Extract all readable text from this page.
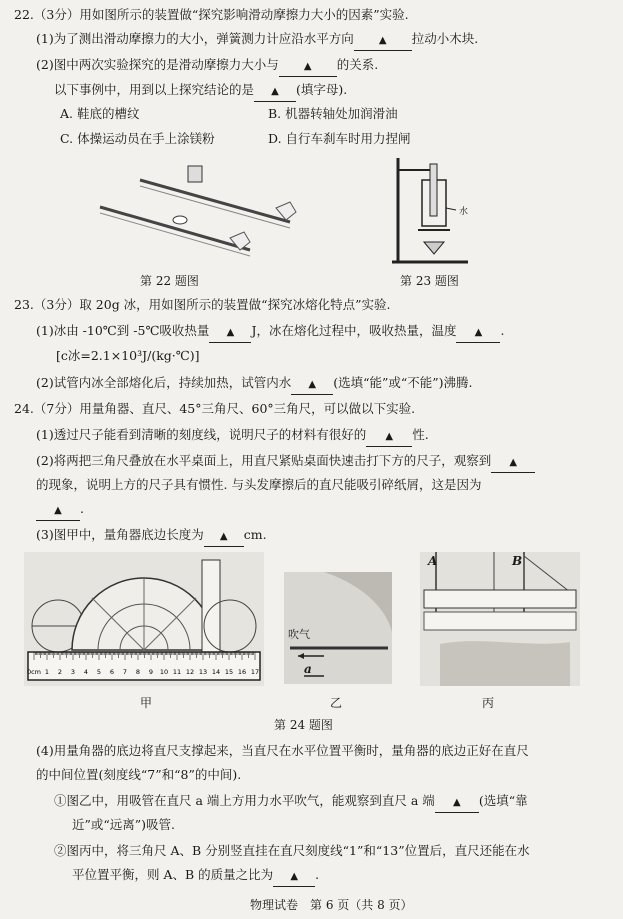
22.（3分）用如图所示的装置做“探究影响滑动摩擦力大小的因素”实验.
(1)为了测出滑动摩擦力的大小，弹簧测力计应沿水平方向	▲ 拉动小木块.
(2)图中两次实验探究的是滑动摩擦力大小与	▲ 的关系.
以下事例中，用到以上探究结论的是 ▲ (填字母).
A. 鞋底的槽纹	B. 机器转轴处加润滑油
C. 体操运动员在手上涂镁粉	D. 自行车刹车时用力捏闸
第 22 题图
水
第 23 题图
23.（3分）取 20g 冰，用如图所示的装置做“探究冰熔化特点”实验.
(1)冰由 -10℃到 -5℃吸收热量 ▲ J，冰在熔化过程中，吸收热量，温度 ▲ .
[c冰=2.1×10³J/(kg·℃)]
(2)试管内冰全部熔化后，持续加热，试管内水 ▲ (选填“能”或“不能”)沸腾.
24.（7分）用量角器、直尺、45°三角尺、60°三角尺，可以做以下实验.
(1)透过尺子能看到清晰的刻度线，说明尺子的材料有很好的 ▲ 性.
(2)将两把三角尺叠放在水平桌面上，用直尺紧贴桌面快速击打下方的尺子，观察到 ▲
的现象，说明上方的尺子具有惯性. 与头发摩擦后的直尺能吸引碎纸屑，这是因为
▲ .
(3)图甲中，量角器底边长度为 ▲ cm.
0cm 1 2 3 4 5 6 7 8 9 10 11 12 13 14 15 16 17
甲
吹气
a
乙
A	B
丙
第 24 题图
(4)用量角器的底边将直尺支撑起来，当直尺在水平位置平衡时，量角器的底边正好在直尺
的中间位置(刻度线“7”和“8”的中间).
①图乙中，用吸管在直尺 a 端上方用力水平吹气，能观察到直尺 a 端 ▲ (选填“靠
近”或“远离”)吸管.
②图丙中，将三角尺 A、B 分别竖直挂在直尺刻度线“1”和“13”位置后，直尺还能在水
平位置平衡，则 A、B 的质量之比为 ▲ .
物理试卷　第 6 页（共 8 页）
